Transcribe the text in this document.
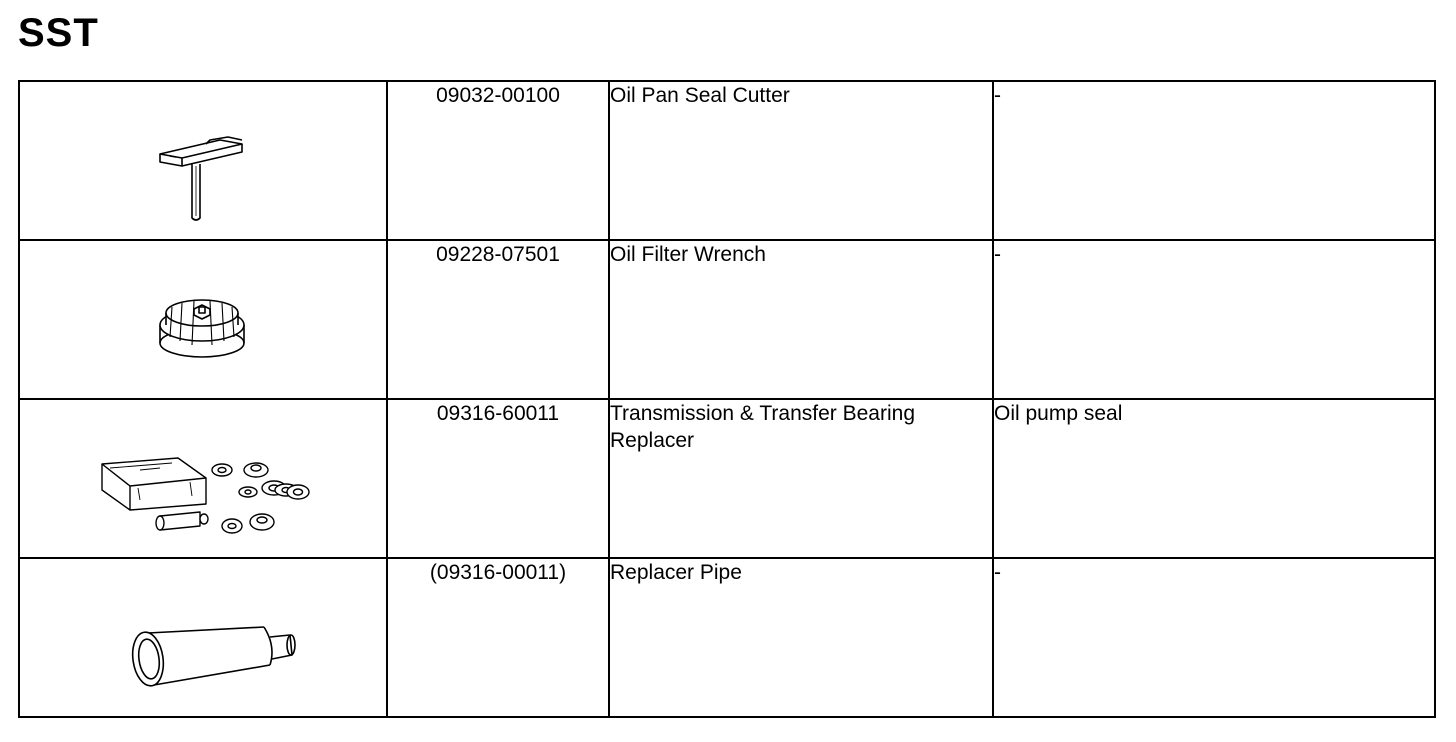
SST
	09032-00100	Oil Pan Seal Cutter	-

	09228-07501	Oil Filter Wrench	-

	09316-60011	Transmission & Transfer Bearing Replacer	Oil pump seal

	(09316-00011)	Replacer Pipe	-
